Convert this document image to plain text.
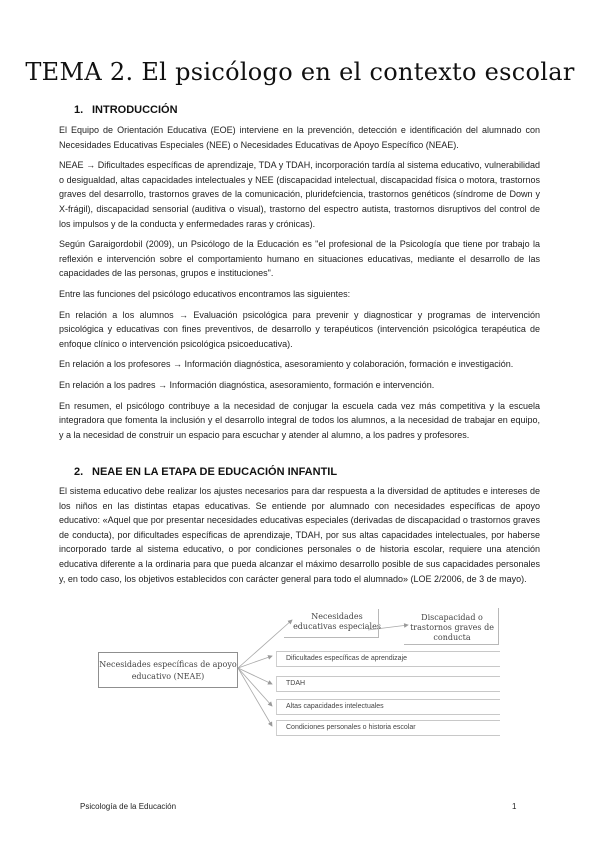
TEMA 2. El psicólogo en el contexto escolar
1. INTRODUCCIÓN

El Equipo de Orientación Educativa (EOE) interviene en la prevención, detección e identificación del alumnado con Necesidades Educativas Especiales (NEE) o Necesidades Educativas de Apoyo Específico (NEAE).

NEAE → Dificultades específicas de aprendizaje, TDA y TDAH, incorporación tardía al sistema educativo, vulnerabilidad o desigualdad, altas capacidades intelectuales y NEE (discapacidad intelectual, discapacidad física o motora, trastornos graves del desarrollo, trastornos graves de la comunicación, pluridefciencia, trastornos genéticos (síndrome de Down y X-frágil), discapacidad sensorial (auditiva o visual), trastorno del espectro autista, trastornos disruptivos del control de los impulsos y de la conducta y enfermedades raras y crónicas).

Según Garaigordobil (2009), un Psicólogo de la Educación es "el profesional de la Psicología que tiene por trabajo la reflexión e intervención sobre el comportamiento humano en situaciones educativas, mediante el desarrollo de las capacidades de las personas, grupos e instituciones".

Entre las funciones del psicólogo educativos encontramos las siguientes:

En relación a los alumnos → Evaluación psicológica para prevenir y diagnosticar y programas de intervención psicológica y educativas con fines preventivos, de desarrollo y terapéuticos (intervención psicológica terapéutica de enfoque clínico o intervención psicológica psicoeducativa).

En relación a los profesores → Información diagnóstica, asesoramiento y colaboración, formación e investigación.

En relación a los padres → Información diagnóstica, asesoramiento, formación e intervención.

En resumen, el psicólogo contribuye a la necesidad de conjugar la escuela cada vez más competitiva y la escuela integradora que fomenta la inclusión y el desarrollo integral de todos los alumnos, a la necesidad de trabajar en equipo, y a la necesidad de construir un espacio para escuchar y atender al alumno, a los padres y profesores.

2. NEAE EN LA ETAPA DE EDUCACIÓN INFANTIL

El sistema educativo debe realizar los ajustes necesarios para dar respuesta a la diversidad de aptitudes e intereses de los niños en las distintas etapas educativas. Se entiende por alumnado con necesidades específicas de apoyo educativo: «Aquel que por presentar necesidades educativas especiales (derivadas de discapacidad o trastornos graves de conducta), por dificultades específicas de aprendizaje, TDAH, por sus altas capacidades intelectuales, por haberse incorporado tarde al sistema educativo, o por condiciones personales o de historia escolar, requiere una atención educativa diferente a la ordinaria para que pueda alcanzar el máximo desarrollo posible de sus capacidades personales y, en todo caso, los objetivos establecidos con carácter general para todo el alumnado» (LOE 2/2006, de 3 de mayo).

Necesidades específicas de apoyo educativo (NEAE)
Necesidades educativas especiales
Discapacidad o trastornos graves de conducta
Dificultades específicas de aprendizaje
TDAH
Altas capacidades intelectuales
Condiciones personales o historia escolar
Psicología de la Educación	1
